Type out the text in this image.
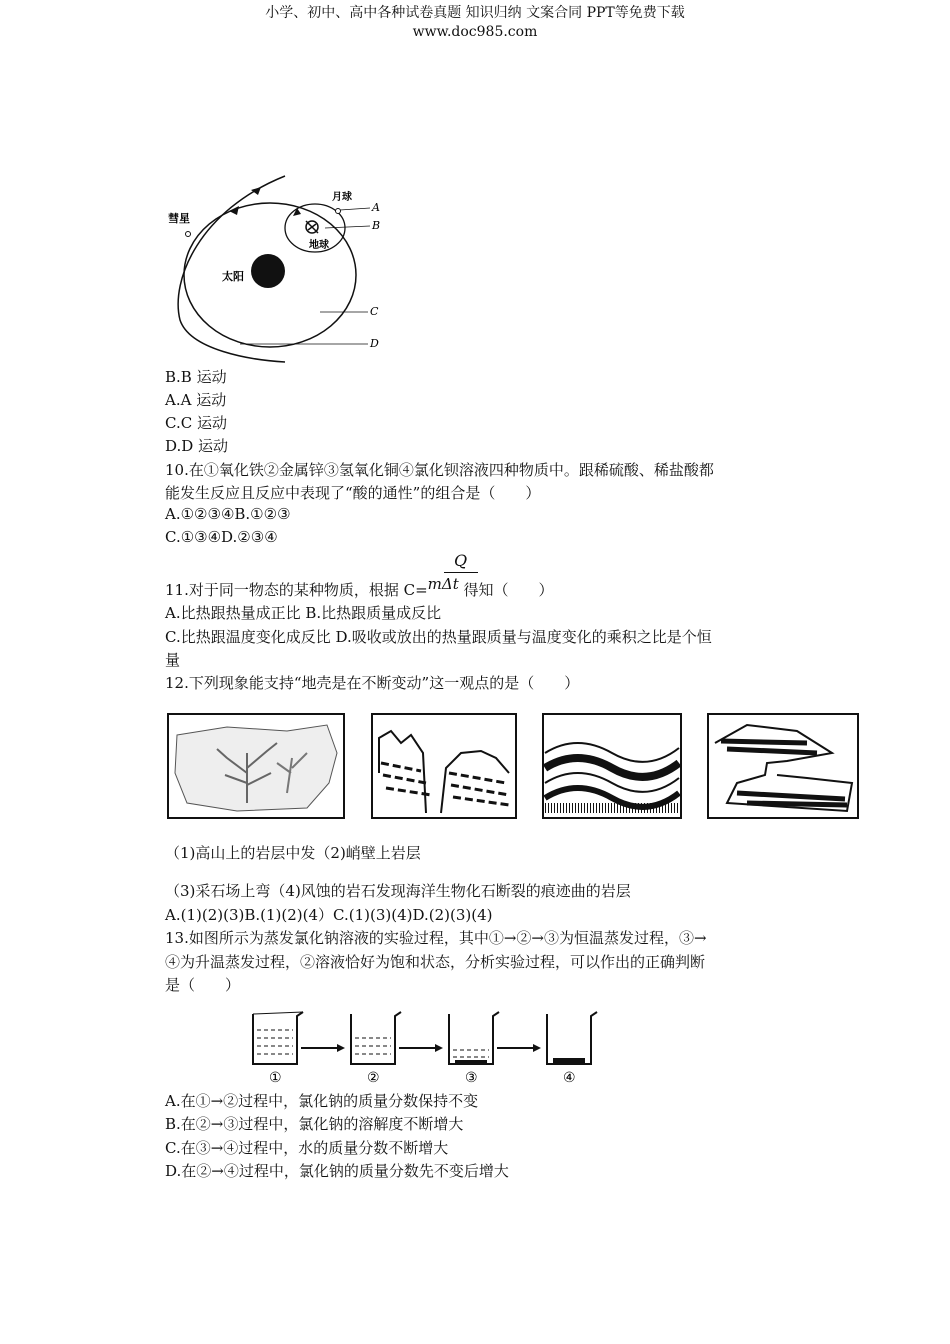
小学、初中、高中各种试卷真题 知识归纳 文案合同 PPT等免费下载
www.doc985.com
彗星
月球
地球
太阳
A
B
C
D
B.B 运动
A.A 运动
C.C 运动
D.D 运动
10.在①氧化铁②金属锌③氢氧化铜④氯化钡溶液四种物质中。跟稀硫酸、稀盐酸都
能发生反应且反应中表现了“酸的通性”的组合是（　　）
A.①②③④B.①②③
C.①③④D.②③④
Q
11.对于同一物态的某种物质，根据 C=mΔt 得知（　　）
A.比热跟热量成正比 B.比热跟质量成反比
C.比热跟温度变化成反比 D.吸收或放出的热量跟质量与温度变化的乘积之比是个恒
量
12.下列现象能支持“地壳是在不断变动”这一观点的是（　　）
（1)高山上的岩层中发（2)峭壁上岩层
（3)采石场上弯（4)风蚀的岩石发现海洋生物化石断裂的痕迹曲的岩层
A.(1)(2)(3)B.(1)(2)(4）C.(1)(3)(4)D.(2)(3)(4)
13.如图所示为蒸发氯化钠溶液的实验过程，其中①→②→③为恒温蒸发过程，③→
④为升温蒸发过程，②溶液恰好为饱和状态，分析实验过程，可以作出的正确判断
是（　　）
①	②	③	④
A.在①→②过程中，氯化钠的质量分数保持不变
B.在②→③过程中，氯化钠的溶解度不断增大
C.在③→④过程中，水的质量分数不断增大
D.在②→④过程中，氯化钠的质量分数先不变后增大
